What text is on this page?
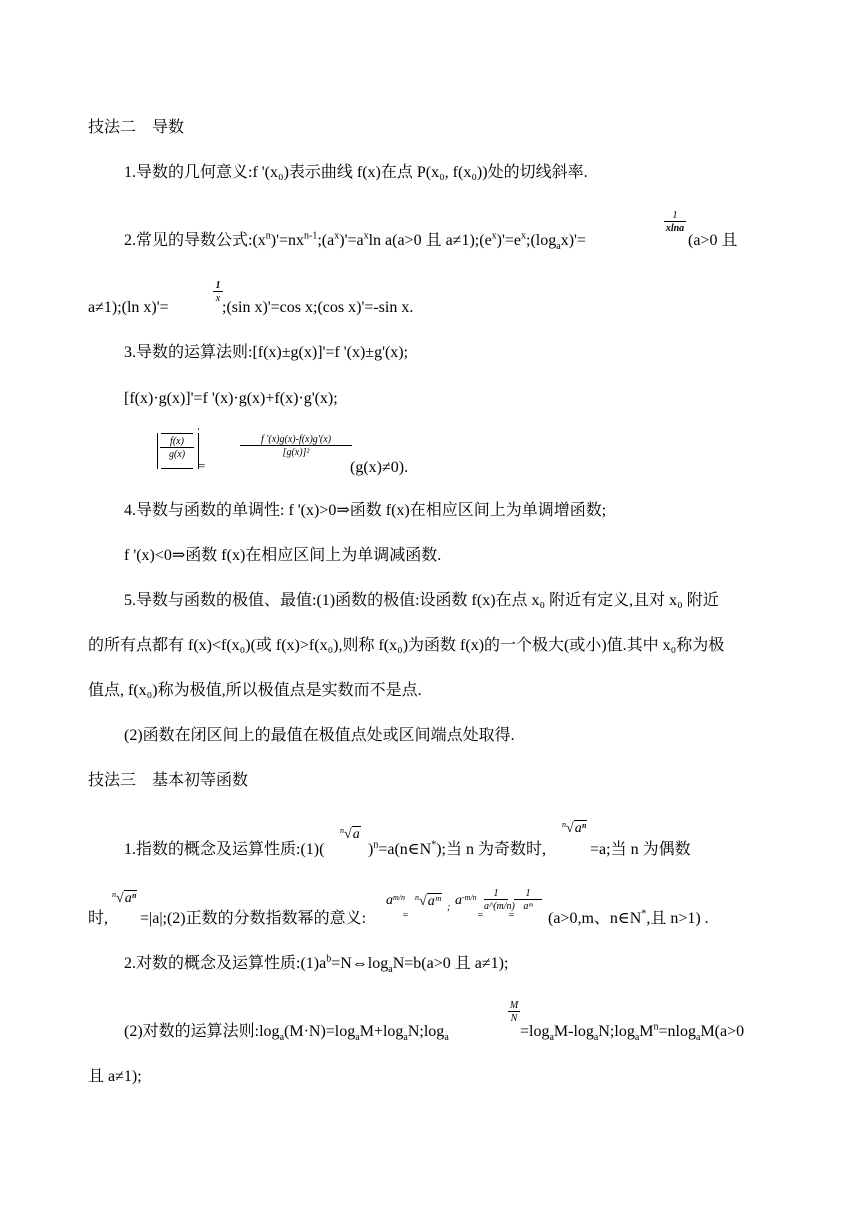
技法二　导数
1.导数的几何意义:f '(x₀)表示曲线 f(x)在点 P(x₀, f(x₀))处的切线斜率.
2.常见的导数公式$:(x^n)'=nx^{n-1};(a^x)'=a^x\ln$ a(a>0 且 $a\ne 1);(e^x)'=e^x;(\log_ax)'=$
$\frac{1}{xlna}$
(a>0 且
a≠1);(ln x)'=
$\frac{1}{x}$
;(sin x)'=cos x;(cos x)'=-sin x.
3.导数的运算法则:[f(x)±g(x)]'=f '(x)±g'(x);
[f(x)·g(x)]'=f '(x)·g(x)+f(x)·g'(x);
$\frac{f(x)}{g(x)}$
'
=
$\frac{f '(x)g(x)-f(x)g'(x)}{\text{[g(x)]²}}$
(g(x)≠0).
4.导数与函数的单调性: f '(x)>0⇒函数 f(x)在相应区间上为单调增函数;
f '(x)<0⇒函数 f(x)在相应区间上为单调减函数.
5.导数与函数的极值、最值:(1)函数的极值:设函数 f(x)在点 x₀ 附近有定义,且对 x₀ 附近
的所有点都有 f(x)<f(x₀)(或 f(x)>f(x₀),则称 f(x₀)为函数 f(x)的一个极大(或小)值.其中 x₀称为极
值点, f(x₀)称为极值,所以极值点是实数而不是点.
(2)函数在闭区间上的最值在极值点处或区间端点处取得.
技法三　基本初等函数
1.指数的概念及运算性质:(1)(
$^n$√a
)$^n$=a(n∈N*);当 n 为奇数时,
$^n$√aⁿ
=a;当 n 为偶数
时,
$^n$√aⁿ
=|a|;(2)正数的分数指数幂的意义:
$a^{m/n}$
=
$^n$√aᵐ ; $a^{-m/n}$
=
$\frac{1}{a\^{}(m/n)}$
=
$\frac{1}{\text{aᵐ}}$
(a>0,m、n∈N*,且 n>1) .
2.对数的概念及运算性质$:(1)a^b=N\Leftrightarrow\log_aN=b(a>0$ 且 a≠1);
(2)对数的运算法则$:\log_a(M\cdot N)=\log_aM+\log_aN;\log_a$
$\frac{M}{N}$
$=\log_aM-\log_aN;\log_aM^n=nlog_aM(a>0$
且 a≠1);
